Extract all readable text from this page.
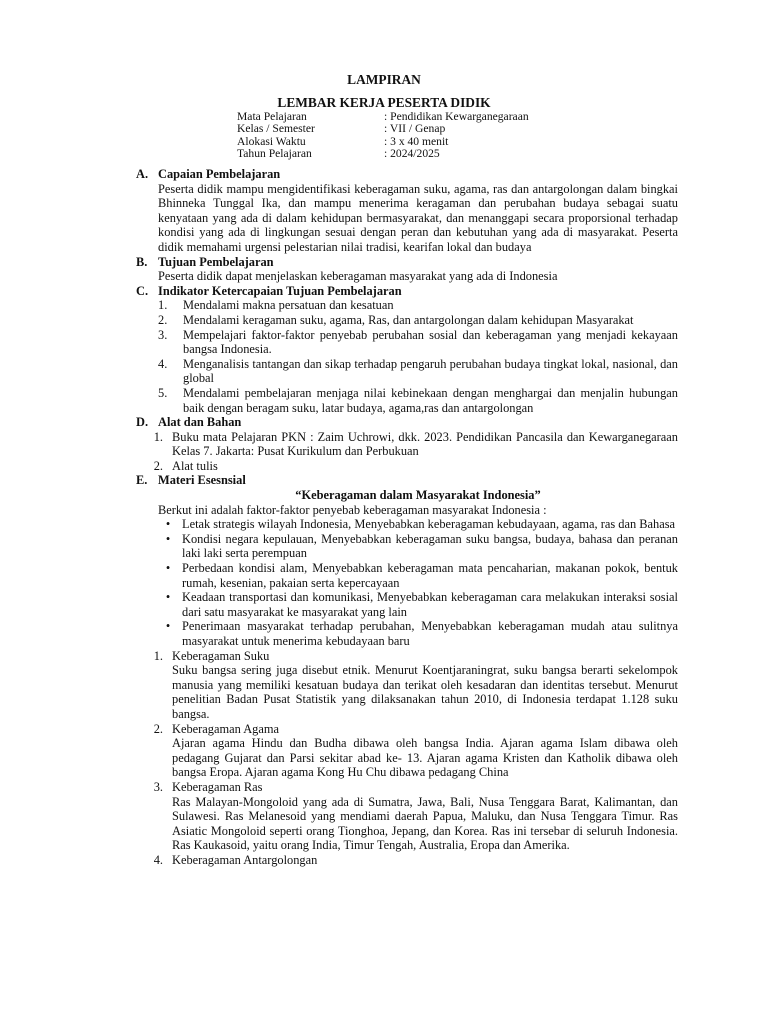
LAMPIRAN
LEMBAR KERJA PESERTA DIDIK
Mata Pelajaran	: Pendidikan Kewarganegaraan
Kelas / Semester	: VII / Genap
Alokasi Waktu	: 3 x 40 menit
Tahun Pelajaran	: 2024/2025
A. Capaian Pembelajaran
Peserta didik mampu mengidentifikasi keberagaman suku, agama, ras dan antargolongan dalam bingkai Bhinneka Tunggal Ika, dan mampu menerima keragaman dan perubahan budaya sebagai suatu kenyataan yang ada di dalam kehidupan bermasyarakat, dan menanggapi secara proporsional terhadap kondisi yang ada di lingkungan sesuai dengan peran dan kebutuhan yang ada di masyarakat. Peserta didik memahami urgensi pelestarian nilai tradisi, kearifan lokal dan budaya
B. Tujuan Pembelajaran
Peserta didik dapat menjelaskan keberagaman masyarakat yang ada di Indonesia
C. Indikator Ketercapaian Tujuan Pembelajaran
1.	Mendalami makna persatuan dan kesatuan
2.	Mendalami keragaman suku, agama, Ras, dan antargolongan dalam kehidupan Masyarakat
3.	Mempelajari faktor-faktor penyebab perubahan sosial dan keberagaman yang menjadi kekayaan bangsa Indonesia.
4.	Menganalisis tantangan dan sikap terhadap pengaruh perubahan budaya tingkat lokal, nasional, dan global
5.	Mendalami pembelajaran menjaga nilai kebinekaan dengan menghargai dan menjalin hubungan baik dengan beragam suku, latar budaya, agama,ras dan antargolongan
D. Alat dan Bahan
1. Buku mata Pelajaran PKN : Zaim Uchrowi, dkk. 2023. Pendidikan Pancasila dan Kewarganegaraan Kelas 7. Jakarta: Pusat Kurikulum dan Perbukuan
2. Alat tulis
E. Materi Esesnsial
“Keberagaman dalam Masyarakat Indonesia”
Berkut ini adalah faktor-faktor penyebab keberagaman masyarakat Indonesia :
• Letak strategis wilayah Indonesia, Menyebabkan keberagaman kebudayaan, agama, ras dan Bahasa
• Kondisi negara kepulauan, Menyebabkan keberagaman suku bangsa, budaya, bahasa dan peranan laki laki serta perempuan
• Perbedaan kondisi alam, Menyebabkan keberagaman mata pencaharian, makanan pokok, bentuk rumah, kesenian, pakaian serta kepercayaan
• Keadaan transportasi dan komunikasi, Menyebabkan keberagaman cara melakukan interaksi sosial dari satu masyarakat ke masyarakat yang lain
• Penerimaan masyarakat terhadap perubahan, Menyebabkan keberagaman mudah atau sulitnya masyarakat untuk menerima kebudayaan baru
1. Keberagaman Suku
Suku bangsa sering juga disebut etnik. Menurut Koentjaraningrat, suku bangsa berarti sekelompok manusia yang memiliki kesatuan budaya dan terikat oleh kesadaran dan identitas tersebut. Menurut penelitian Badan Pusat Statistik yang dilaksanakan tahun 2010, di Indonesia terdapat 1.128 suku bangsa.
2. Keberagaman Agama
Ajaran agama Hindu dan Budha dibawa oleh bangsa India. Ajaran agama Islam dibawa oleh pedagang Gujarat dan Parsi sekitar abad ke- 13. Ajaran agama Kristen dan Katholik dibawa oleh bangsa Eropa. Ajaran agama Kong Hu Chu dibawa pedagang China
3. Keberagaman Ras
Ras Malayan-Mongoloid yang ada di Sumatra, Jawa, Bali, Nusa Tenggara Barat, Kalimantan, dan Sulawesi. Ras Melanesoid yang mendiami daerah Papua, Maluku, dan Nusa Tenggara Timur. Ras Asiatic Mongoloid seperti orang Tionghoa, Jepang, dan Korea. Ras ini tersebar di seluruh Indonesia. Ras Kaukasoid, yaitu orang India, Timur Tengah, Australia, Eropa dan Amerika.
4. Keberagaman Antargolongan
